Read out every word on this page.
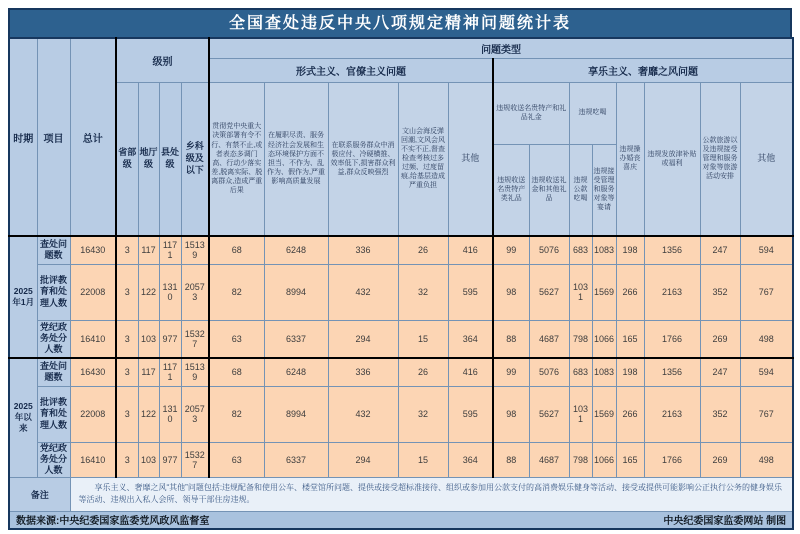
全国查处违反中央八项规定精神问题统计表
时期	项目	总计	级别				问题类型												
							形式主义、官僚主义问题					享乐主义、奢靡之风问题							
			省部级	地厅级	县处级	乡科级及以下	贯彻党中央重大决策部署有令不行、有禁不止,或者表态多调门高、行动少落实差,脱离实际、脱离群众,造成严重后果	在履职尽责、服务经济社会发展和生态环境保护方面不担当、不作为、乱作为、假作为,严重影响高质量发展	在联系服务群众中消极应付、冷硬横推、效率低下,损害群众利益,群众反映强烈	文山会海反弹回潮,文风会风不实不正,督查检查考核过多过频、过度留痕,给基层造成严重负担	其他	违规收送名贵特产和礼品礼金		违规吃喝		违规操办婚丧喜庆	违规发放津补贴或福利	公款旅游以及违规接受管理和服务对象等旅游活动安排	其他
												违规收送名贵特产类礼品	违规收送礼金和其他礼品	违规公款吃喝	违规接受管理和服务对象等宴请				
2025年1月	查处问题数	16430	3	117	1171	15139	68	6248	336	26	416	99	5076	683	1083	198	1356	247	594
	批评教育和处理人数	22008	3	122	1310	20573	82	8994	432	32	595	98	5627	1031	1569	266	2163	352	767
	党纪政务处分人数	16410	3	103	977	15327	63	6337	294	15	364	88	4687	798	1066	165	1766	269	498
2025年以来	查处问题数	16430	3	117	1171	15139	68	6248	336	26	416	99	5076	683	1083	198	1356	247	594
	批评教育和处理人数	22008	3	122	1310	20573	82	8994	432	32	595	98	5627	1031	1569	266	2163	352	767
	党纪政务处分人数	16410	3	103	977	15327	63	6337	294	15	364	88	4687	798	1066	165	1766	269	498
备注		享乐主义、奢靡之风“其他”问题包括:违规配备和使用公车、楼堂馆所问题、提供或接受超标准接待、组织或参加用公款支付的高消费娱乐健身等活动、接受或提供可能影响公正执行公务的健身娱乐等活动、违规出入私人会所、领导干部住房违规。																	

数据来源:中央纪委国家监委党风政风监督室 中央纪委国家监委网站 制图																			
